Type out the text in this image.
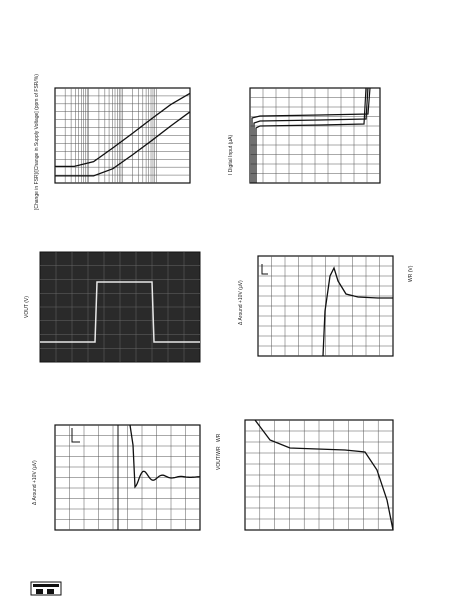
[Change in FSR]/[Change in Supply Voltage] (ppm of FSR/%)	I Digital Input (µA)
VOUT (V)	Δ Around +10V (µV)
WR (V)
Δ Around +10V (µV)
WR
VOUT/WR
